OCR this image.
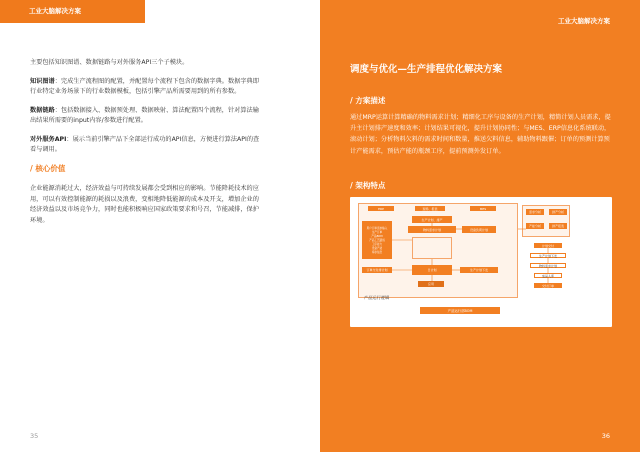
工业大脑解决方案

主要包括知识图谱、数据链路与对外服务API三个子模块。

知识图谱：完成生产流程图的配置，并配置每个流程下包含的数据字典。数据字典即行业特定业务场景下的行业数据模板，包括引擎产品所需要用到的所有参数。

数据链路：包括数据接入、数据预处理、数据映射、算法配置四个流程，针对算法输出结果所需要的input内容/参数进行配置。

对外服务API：展示当前引擎产品下全部运行成功的API信息，方便进行算法API的查看与调用。

/ 核心价值

企业能源消耗过大，经济效益与可持续发展都会受到相应的影响。节能降耗技术的应用，可以有效控制能源的耗损以及浪费，变相地降低能源的成本及开支，增加企业的经济效益以及市场竞争力，同时也能积极响应国家政策要求和号召，节能减排，保护环境。

35
工业大脑解决方案
调度与优化—生产排程优化解决方案
/ 方案描述
通过MRP运算计算精确的物料需求计划；精细化工序与设备的生产计划，精简计划人员需求，提升主计划排产速度和效率；计划结果可视化，提升计划协同性；与MES、ERP信息化系统联动，滚动计划；分析物料欠料的需求时间和数量，推送欠料信息，辅助物料跟催；订单的预测计算预计产能需求，预估产能的瓶颈工序，提前预测外发订单。
/ 架构特点
ERP	现场、报表	MES
用户订单需求输入
生产订单
产品BOM
产品工艺路线
工序能力
设备产能
库存信息
生产计划、排产
物料需求计划	设备负荷计划
订单交付排计划	日计划	生产计划下发
应用
需求分析	排产分析
产能分析	排产报表
计划交付
生产计划下发
物料需求计划
成品入库
交付订单
产品运行逻辑
产品运行部BOM
36
